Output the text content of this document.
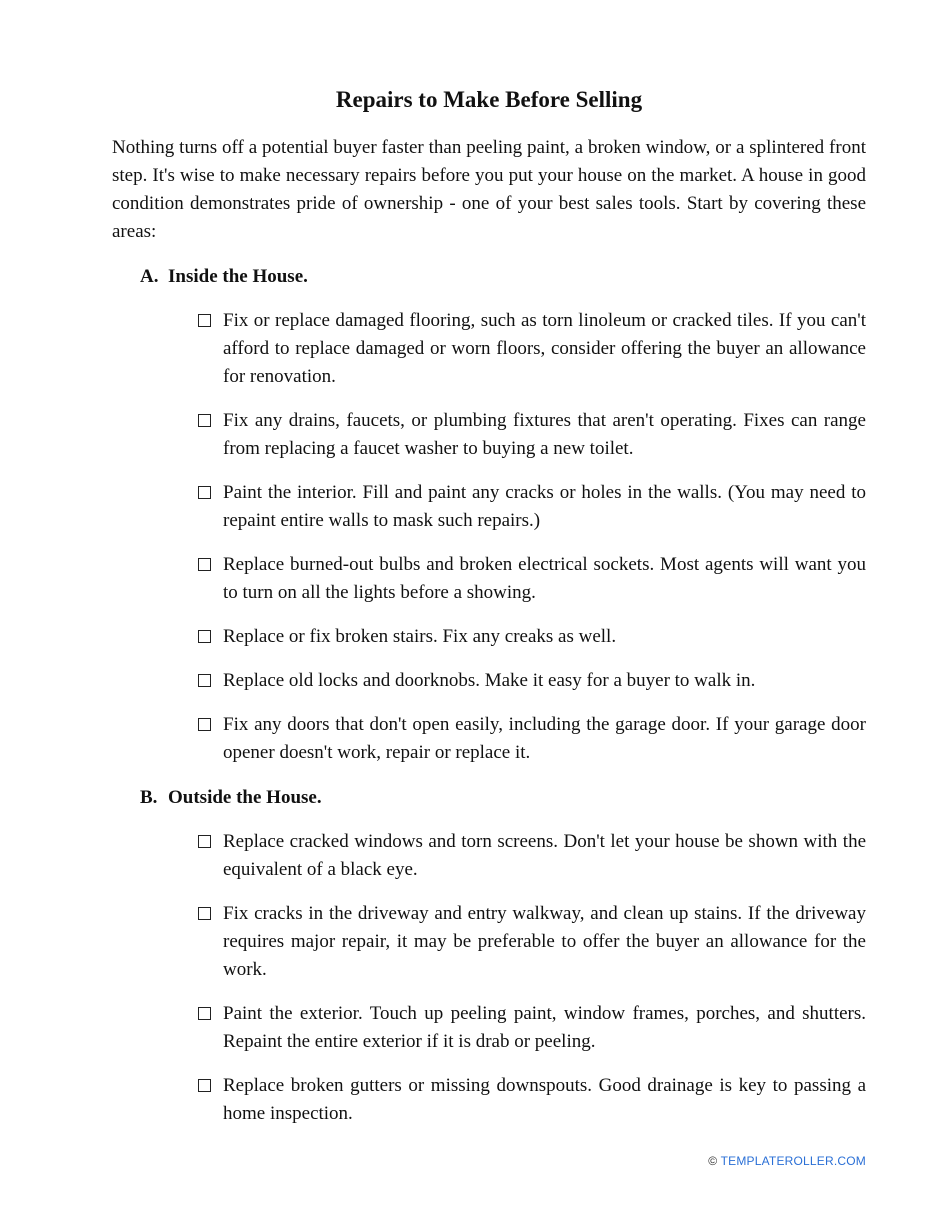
Repairs to Make Before Selling

Nothing turns off a potential buyer faster than peeling paint, a broken window, or a splintered front step. It's wise to make necessary repairs before you put your house on the market. A house in good condition demonstrates pride of ownership - one of your best sales tools. Start by covering these areas:

A. Inside the House.
Fix or replace damaged flooring, such as torn linoleum or cracked tiles. If you can't afford to replace damaged or worn floors, consider offering the buyer an allowance for renovation.
Fix any drains, faucets, or plumbing fixtures that aren't operating. Fixes can range from replacing a faucet washer to buying a new toilet.
Paint the interior. Fill and paint any cracks or holes in the walls. (You may need to repaint entire walls to mask such repairs.)
Replace burned-out bulbs and broken electrical sockets. Most agents will want you to turn on all the lights before a showing.
Replace or fix broken stairs. Fix any creaks as well.
Replace old locks and doorknobs. Make it easy for a buyer to walk in.
Fix any doors that don't open easily, including the garage door. If your garage door opener doesn't work, repair or replace it.
B. Outside the House.
Replace cracked windows and torn screens. Don't let your house be shown with the equivalent of a black eye.
Fix cracks in the driveway and entry walkway, and clean up stains. If the driveway requires major repair, it may be preferable to offer the buyer an allowance for the work.
Paint the exterior. Touch up peeling paint, window frames, porches, and shutters. Repaint the entire exterior if it is drab or peeling.
Replace broken gutters or missing downspouts. Good drainage is key to passing a home inspection.
© TEMPLATEROLLER.COM
